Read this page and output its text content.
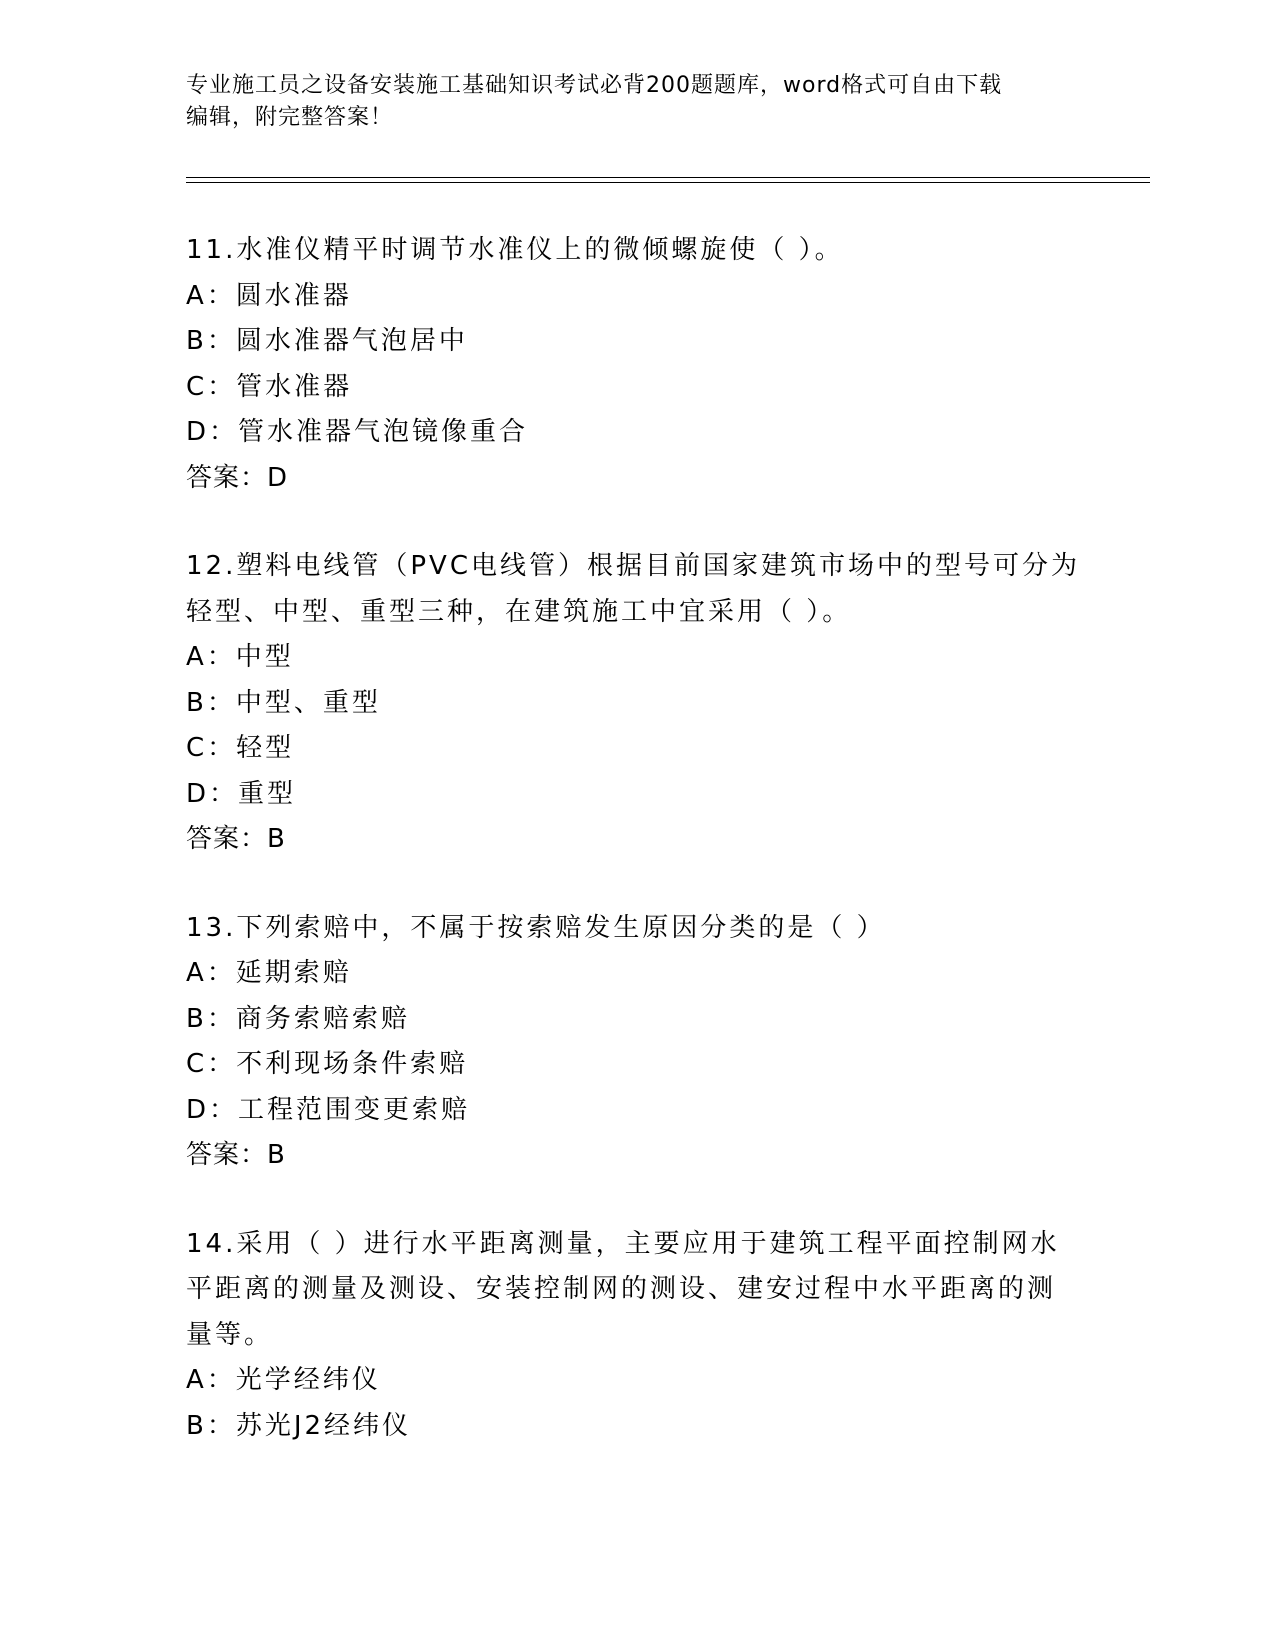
专业施工员之设备安装施工基础知识考试必背200题题库，word格式可自由下载
编辑，附完整答案！
11.水准仪精平时调节水准仪上的微倾螺旋使（ ）。
A：圆水准器
B：圆水准器气泡居中
C：管水准器
D：管水准器气泡镜像重合
答案：D
12.塑料电线管（PVC电线管）根据目前国家建筑市场中的型号可分为
轻型、中型、重型三种，在建筑施工中宜采用（ ）。
A：中型
B：中型、重型
C：轻型
D：重型
答案：B
13.下列索赔中，不属于按索赔发生原因分类的是（ ）
A：延期索赔
B：商务索赔索赔
C：不利现场条件索赔
D：工程范围变更索赔
答案：B
14.采用（ ）进行水平距离测量，主要应用于建筑工程平面控制网水
平距离的测量及测设、安装控制网的测设、建安过程中水平距离的测
量等。
A：光学经纬仪
B：苏光J2经纬仪
